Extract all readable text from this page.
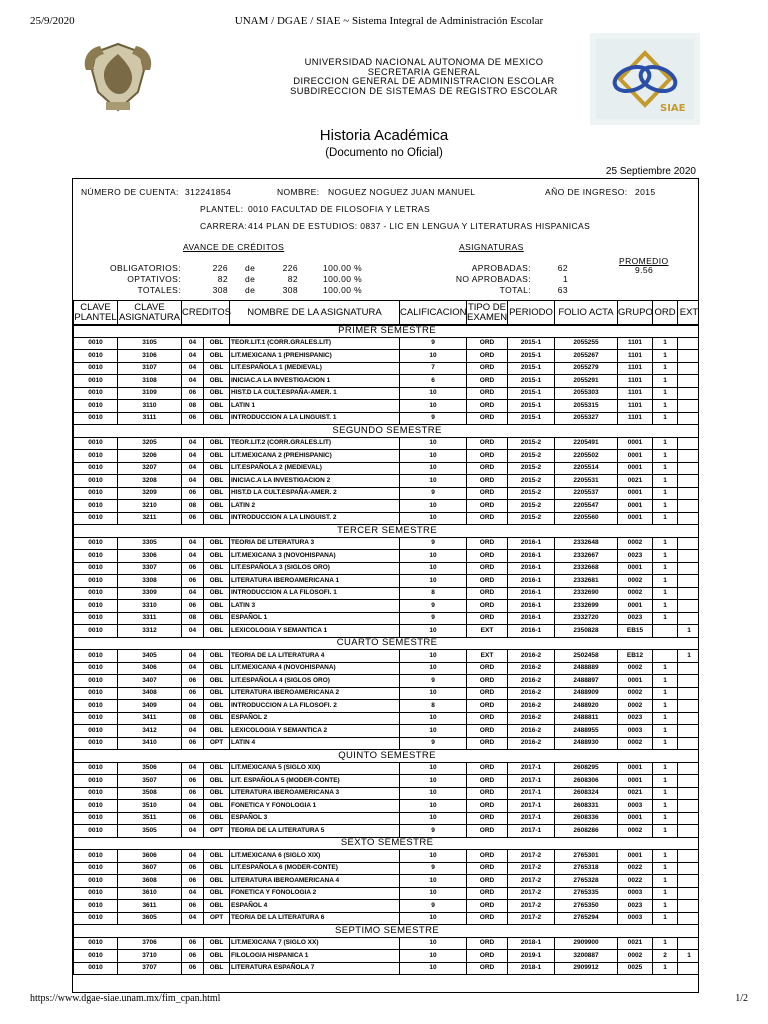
25/9/2020	UNAM / DGAE / SIAE ~ Sistema Integral de Administración Escolar
SIAE
UNIVERSIDAD NACIONAL AUTONOMA DE MEXICO
SECRETARIA GENERAL
DIRECCION GENERAL DE ADMINISTRACION ESCOLAR
SUBDIRECCION DE SISTEMAS DE REGISTRO ESCOLAR
Historia Académica
(Documento no Oficial)
25 Septiembre 2020
NÚMERO DE CUENTA: 312241854	NOMBRE: NOGUEZ NOGUEZ JUAN MANUEL	AÑO DE INGRESO: 2015
PLANTEL: 0010 FACULTAD DE FILOSOFIA Y LETRAS
CARRERA: 414 PLAN DE ESTUDIOS: 0837 - LIC EN LENGUA Y LITERATURAS HISPANICAS
AVANCE DE CRÉDITOS	ASIGNATURAS
PROMEDIO
9.56
OBLIGATORIOS:	226 de	226	100.00 %
OPTATIVOS:	82 de	82	100.00 %
TOTALES:	308 de	308	100.00 %
APROBADAS:	62
NO APROBADAS:	1
TOTAL:	63
CLAVE PLANTEL	CLAVE ASIGNATURA	CREDITOS	NOMBRE DE LA ASIGNATURA	CALIFICACION	TIPO DE EXAMEN	PERIODO	FOLIO ACTA	GRUPO	ORD	EXT
PRIMER SEMESTRE											
0010	3105	04	OBL	TEOR.LIT.1 (CORR.GRALES.LIT)	9	ORD	2015-1	2055255	1101	1	
0010	3106	04	OBL	LIT.MEXICANA 1 (PREHISPANIC)	10	ORD	2015-1	2055267	1101	1	
0010	3107	04	OBL	LIT.ESPAÑOLA 1 (MEDIEVAL)	7	ORD	2015-1	2055279	1101	1	
0010	3108	04	OBL	INICIAC.A LA INVESTIGACION 1	6	ORD	2015-1	2055291	1101	1	
0010	3109	06	OBL	HIST.D LA CULT.ESPAÑA-AMER. 1	10	ORD	2015-1	2055303	1101	1	
0010	3110	08	OBL	LATIN 1	10	ORD	2015-1	2055315	1101	1	
0010	3111	06	OBL	INTRODUCCION A LA LINGUIST. 1	9	ORD	2015-1	2055327	1101	1	
SEGUNDO SEMESTRE											
0010	3205	04	OBL	TEOR.LIT.2 (CORR.GRALES.LIT)	10	ORD	2015-2	2205491	0001	1	
0010	3206	04	OBL	LIT.MEXICANA 2 (PREHISPANIC)	10	ORD	2015-2	2205502	0001	1	
0010	3207	04	OBL	LIT.ESPAÑOLA 2 (MEDIEVAL)	10	ORD	2015-2	2205514	0001	1	
0010	3208	04	OBL	INICIAC.A LA INVESTIGACION 2	10	ORD	2015-2	2205531	0021	1	
0010	3209	06	OBL	HIST.D LA CULT.ESPAÑA-AMER. 2	9	ORD	2015-2	2205537	0001	1	
0010	3210	08	OBL	LATIN 2	10	ORD	2015-2	2205547	0001	1	
0010	3211	06	OBL	INTRODUCCION A LA LINGUIST. 2	10	ORD	2015-2	2205560	0001	1	
TERCER SEMESTRE											
0010	3305	04	OBL	TEORIA DE LITERATURA 3	9	ORD	2016-1	2332648	0002	1	
0010	3306	04	OBL	LIT.MEXICANA 3 (NOVOHISPANA)	10	ORD	2016-1	2332667	0023	1	
0010	3307	06	OBL	LIT.ESPAÑOLA 3 (SIGLOS ORO)	10	ORD	2016-1	2332668	0001	1	
0010	3308	06	OBL	LITERATURA IBEROAMERICANA 1	10	ORD	2016-1	2332681	0002	1	
0010	3309	04	OBL	INTRODUCCION A LA FILOSOFI. 1	8	ORD	2016-1	2332690	0002	1	
0010	3310	06	OBL	LATIN 3	9	ORD	2016-1	2332699	0001	1	
0010	3311	08	OBL	ESPAÑOL 1	9	ORD	2016-1	2332720	0023	1	
0010	3312	04	OBL	LEXICOLOGIA Y SEMANTICA 1	10	EXT	2016-1	2350828	EB15		1
CUARTO SEMESTRE											
0010	3405	04	OBL	TEORIA DE LA LITERATURA 4	10	EXT	2016-2	2502458	EB12		1
0010	3406	04	OBL	LIT.MEXICANA 4 (NOVOHISPANA)	10	ORD	2016-2	2488889	0002	1	
0010	3407	06	OBL	LIT.ESPAÑOLA 4 (SIGLOS ORO)	9	ORD	2016-2	2488897	0001	1	
0010	3408	06	OBL	LITERATURA IBEROAMERICANA 2	10	ORD	2016-2	2488909	0002	1	
0010	3409	04	OBL	INTRODUCCION A LA FILOSOFI. 2	8	ORD	2016-2	2488920	0002	1	
0010	3411	08	OBL	ESPAÑOL 2	10	ORD	2016-2	2488811	0023	1	
0010	3412	04	OBL	LEXICOLOGIA Y SEMANTICA 2	10	ORD	2016-2	2488955	0003	1	
0010	3410	06	OPT	LATIN 4	9	ORD	2016-2	2488930	0002	1	
QUINTO SEMESTRE											
0010	3506	04	OBL	LIT.MEXICANA 5 (SIGLO XIX)	10	ORD	2017-1	2608295	0001	1	
0010	3507	06	OBL	LIT. ESPAÑOLA 5 (MODER-CONTE)	10	ORD	2017-1	2608306	0001	1	
0010	3508	06	OBL	LITERATURA IBEROAMERICANA 3	10	ORD	2017-1	2608324	0021	1	
0010	3510	04	OBL	FONETICA Y FONOLOGIA 1	10	ORD	2017-1	2608331	0003	1	
0010	3511	06	OBL	ESPAÑOL 3	10	ORD	2017-1	2608336	0001	1	
0010	3505	04	OPT	TEORIA DE LA LITERATURA 5	9	ORD	2017-1	2608286	0002	1	
SEXTO SEMESTRE											
0010	3606	04	OBL	LIT.MEXICANA 6 (SIGLO XIX)	10	ORD	2017-2	2765301	0001	1	
0010	3607	06	OBL	LIT.ESPAÑOLA 6 (MODER-CONTE)	9	ORD	2017-2	2765318	0022	1	
0010	3608	06	OBL	LITERATURA IBEROAMERICANA 4	10	ORD	2017-2	2765328	0022	1	
0010	3610	04	OBL	FONETICA Y FONOLOGIA 2	10	ORD	2017-2	2765335	0003	1	
0010	3611	06	OBL	ESPAÑOL 4	9	ORD	2017-2	2765350	0023	1	
0010	3605	04	OPT	TEORIA DE LA LITERATURA 6	10	ORD	2017-2	2765294	0003	1	
SEPTIMO SEMESTRE											
0010	3706	06	OBL	LIT.MEXICANA 7 (SIGLO XX)	10	ORD	2018-1	2909900	0021	1	
0010	3710	06	OBL	FILOLOGIA HISPANICA 1	10	ORD	2019-1	3200887	0002	2	1
0010	3707	06	OBL	LITERATURA ESPAÑOLA 7	10	ORD	2018-1	2909912	0025	1	
https://www.dgae-siae.unam.mx/fim_cpan.html	1/2
